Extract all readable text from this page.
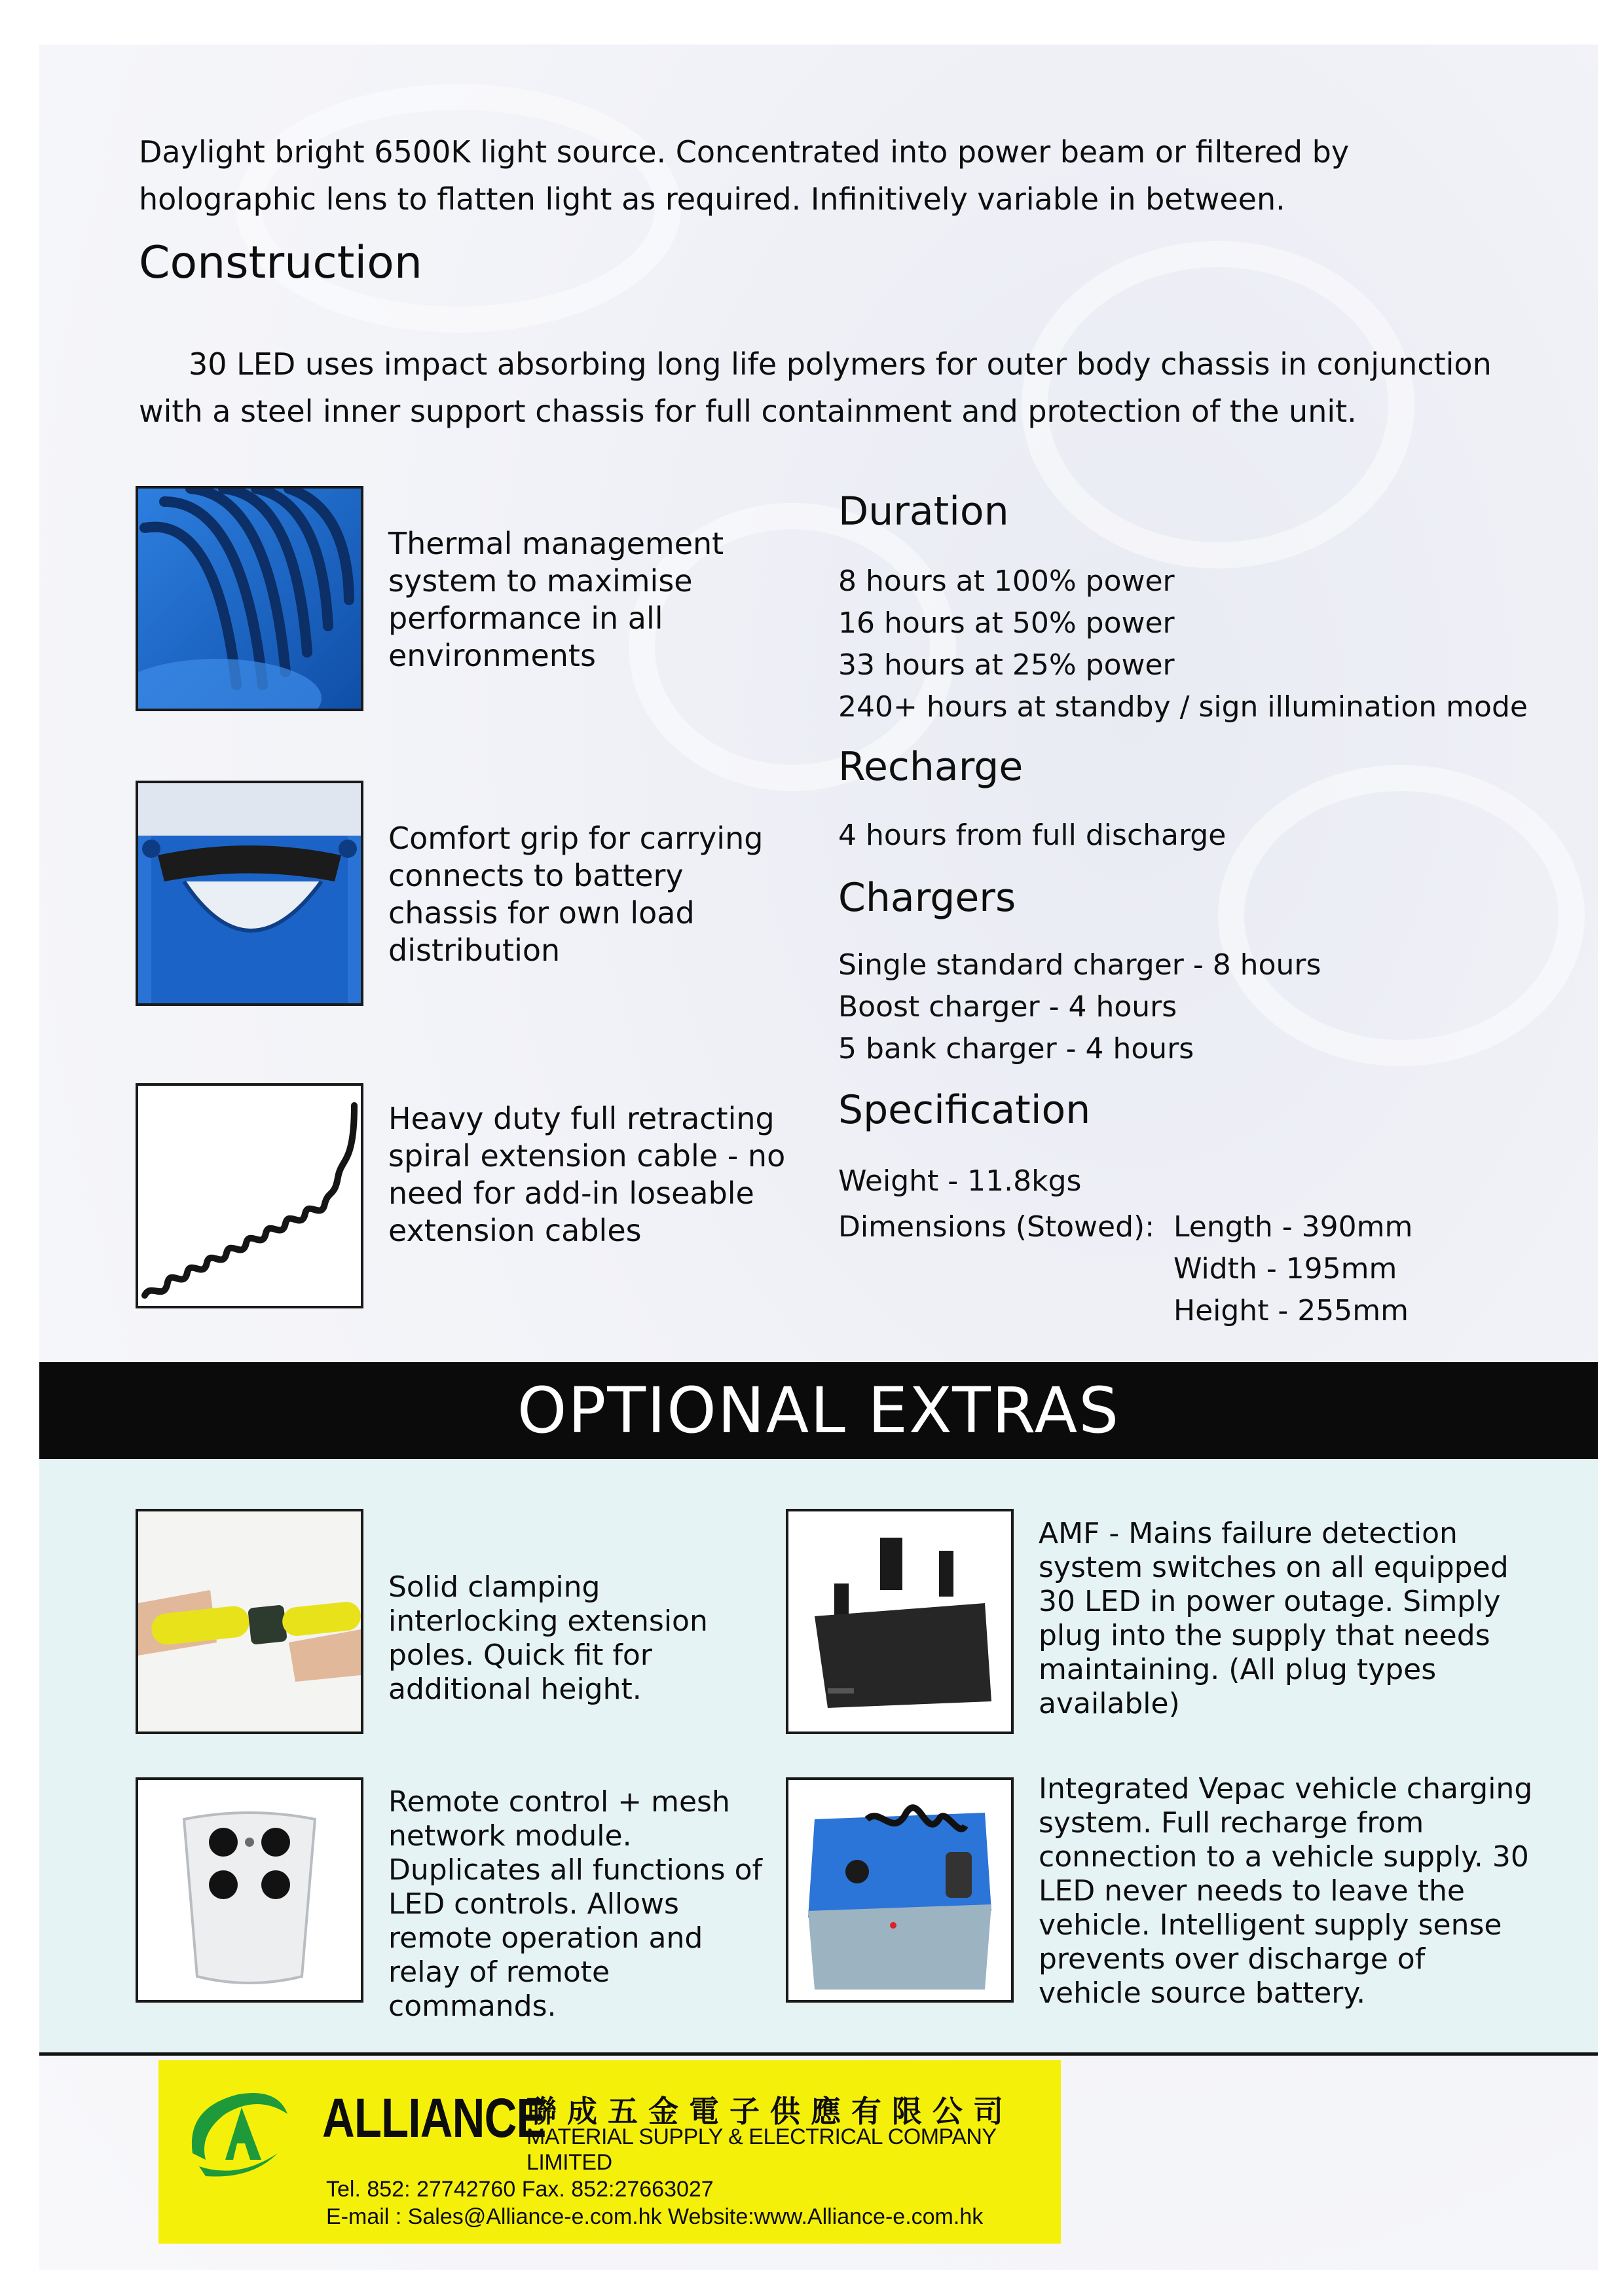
Daylight bright 6500K light source. Concentrated into power beam or filtered by holographic lens to flatten light as required. Infinitively variable in between.
Construction
30 LED uses impact absorbing long life polymers for outer body chassis in conjunction with a steel inner support chassis for full containment and protection of the unit.
Thermal management system to maximise performance in all environments
Comfort grip for carrying connects to battery chassis for own load distribution
Heavy duty full retracting spiral extension cable - no need for add-in loseable extension cables
Duration
8 hours at 100% power
16 hours at 50% power
33 hours at 25% power
240+ hours at standby / sign illumination mode
Recharge
4 hours from full discharge
Chargers
Single standard charger - 8 hours
Boost charger - 4 hours
5 bank charger - 4 hours
Specification
Weight - 11.8kgs
Dimensions (Stowed): Length - 390mm
Width - 195mm
Height - 255mm
OPTIONAL EXTRAS
Solid clamping interlocking extension poles. Quick fit for additional height.
AMF - Mains failure detection system switches on all equipped 30 LED in power outage. Simply plug into the supply that needs maintaining. (All plug types available)
Remote control + mesh network module. Duplicates all functions of LED controls. Allows remote operation and relay of remote commands.
Integrated Vepac vehicle charging system. Full recharge from connection to a vehicle supply. 30 LED never needs to leave the vehicle. Intelligent supply sense prevents over discharge of vehicle source battery.
ALLIANCE
聯成五金電子供應有限公司
MATERIAL SUPPLY & ELECTRICAL COMPANY LIMITED
Tel. 852: 27742760 Fax. 852:27663027
E-mail : Sales@Alliance-e.com.hk Website:www.Alliance-e.com.hk
